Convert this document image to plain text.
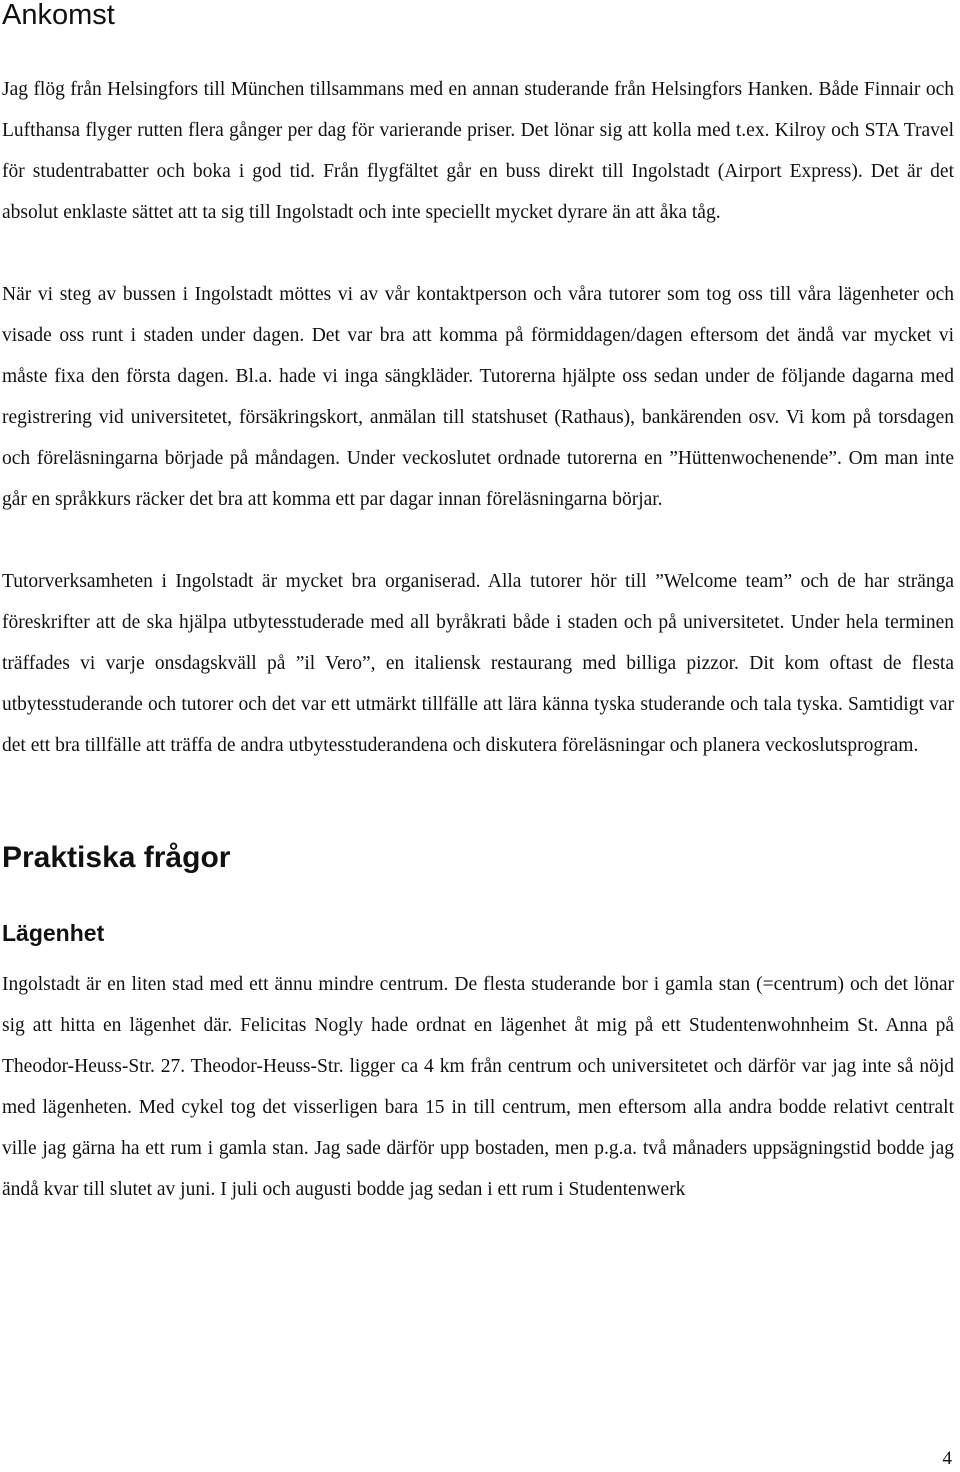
Ankomst

Jag flög från Helsingfors till München tillsammans med en annan studerande från Helsingfors Hanken. Både Finnair och Lufthansa flyger rutten flera gånger per dag för varierande priser. Det lönar sig att kolla med t.ex. Kilroy och STA Travel för studentrabatter och boka i god tid. Från flygfältet går en buss direkt till Ingolstadt (Airport Express). Det är det absolut enklaste sättet att ta sig till Ingolstadt och inte speciellt mycket dyrare än att åka tåg.

När vi steg av bussen i Ingolstadt möttes vi av vår kontaktperson och våra tutorer som tog oss till våra lägenheter och visade oss runt i staden under dagen. Det var bra att komma på förmiddagen/dagen eftersom det ändå var mycket vi måste fixa den första dagen. Bl.a. hade vi inga sängkläder. Tutorerna hjälpte oss sedan under de följande dagarna med registrering vid universitetet, försäkringskort, anmälan till statshuset (Rathaus), bankärenden osv. Vi kom på torsdagen och föreläsningarna började på måndagen. Under veckoslutet ordnade tutorerna en ”Hüttenwochenende”. Om man inte går en språkkurs räcker det bra att komma ett par dagar innan föreläsningarna börjar.

Tutorverksamheten i Ingolstadt är mycket bra organiserad. Alla tutorer hör till ”Welcome team” och de har stränga föreskrifter att de ska hjälpa utbytesstuderade med all byråkrati både i staden och på universitetet. Under hela terminen träffades vi varje onsdagskväll på ”il Vero”, en italiensk restaurang med billiga pizzor. Dit kom oftast de flesta utbytesstuderande och tutorer och det var ett utmärkt tillfälle att lära känna tyska studerande och tala tyska. Samtidigt var det ett bra tillfälle att träffa de andra utbytesstuderandena och diskutera föreläsningar och planera veckoslutsprogram.

Praktiska frågor
Lägenhet

Ingolstadt är en liten stad med ett ännu mindre centrum. De flesta studerande bor i gamla stan (=centrum) och det lönar sig att hitta en lägenhet där. Felicitas Nogly hade ordnat en lägenhet åt mig på ett Studentenwohnheim St. Anna på Theodor-Heuss-Str. 27. Theodor-Heuss-Str. ligger ca 4 km från centrum och universitetet och därför var jag inte så nöjd med lägenheten. Med cykel tog det visserligen bara 15 in till centrum, men eftersom alla andra bodde relativt centralt ville jag gärna ha ett rum i gamla stan. Jag sade därför upp bostaden, men p.g.a. två månaders uppsägningstid bodde jag ändå kvar till slutet av juni. I juli och augusti bodde jag sedan i ett rum i Studentenwerk

4
